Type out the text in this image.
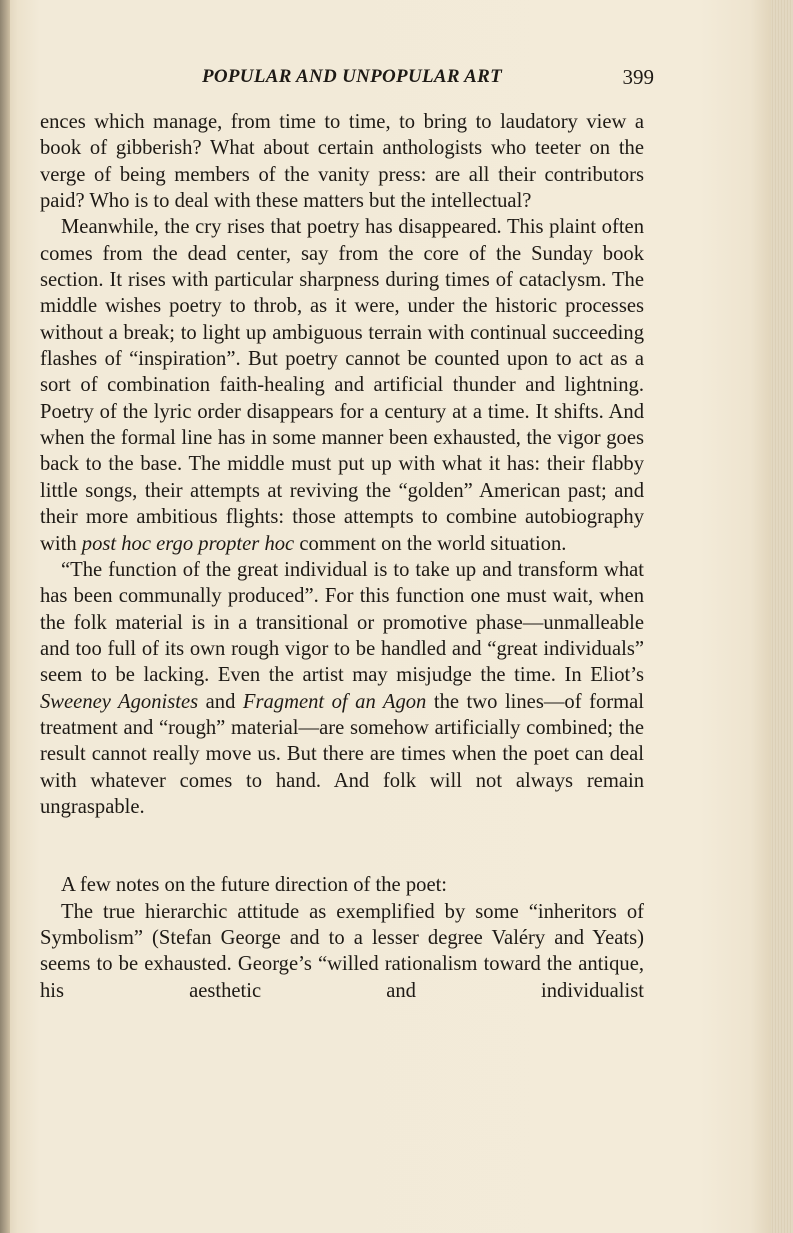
POPULAR AND UNPOPULAR ART	399

ences which manage, from time to time, to bring to laudatory view a book of gibberish? What about certain anthologists who teeter on the verge of being members of the vanity press: are all their contributors paid? Who is to deal with these matters but the intellectual?

Meanwhile, the cry rises that poetry has disappeared. This plaint often comes from the dead center, say from the core of the Sunday book section. It rises with particular sharpness during times of cataclysm. The middle wishes poetry to throb, as it were, under the historic processes without a break; to light up ambiguous terrain with continual succeeding flashes of “inspiration”. But poetry cannot be counted upon to act as a sort of combination faith-healing and artificial thunder and lightning. Poetry of the lyric order disappears for a century at a time. It shifts. And when the formal line has in some manner been exhausted, the vigor goes back to the base. The middle must put up with what it has: their flabby little songs, their attempts at reviving the “golden” American past; and their more ambitious flights: those attempts to combine autobiography with post hoc ergo propter hoc comment on the world situation.

“The function of the great individual is to take up and transform what has been communally produced”. For this function one must wait, when the folk material is in a transitional or promotive phase—unmalleable and too full of its own rough vigor to be handled and “great individuals” seem to be lacking. Even the artist may misjudge the time. In Eliot’s Sweeney Agonistes and Fragment of an Agon the two lines—of formal treatment and “rough” material—are somehow artificially combined; the result cannot really move us. But there are times when the poet can deal with whatever comes to hand. And folk will not always remain ungraspable.

A few notes on the future direction of the poet:

The true hierarchic attitude as exemplified by some “inheritors of Symbolism” (Stefan George and to a lesser degree Valéry and Yeats) seems to be exhausted. George’s “willed rationalism toward the antique, his aesthetic and individualist
